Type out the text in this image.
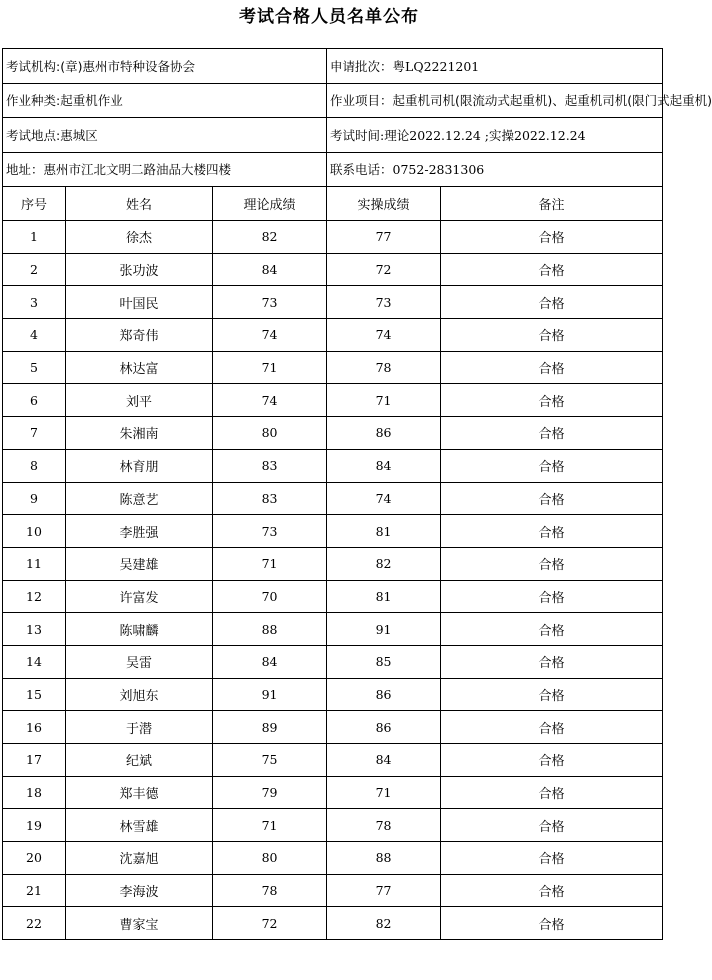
考试合格人员名单公布
考试机构:(章)惠州市特种设备协会			申请批次：粤LQ2221201	
作业种类:起重机作业			作业项目：起重机司机(限流动式起重机)、起重机司机(限门式起重机)	
考试地点:惠城区			考试时间:理论2022.12.24 ;实操2022.12.24	
地址：惠州市江北文明二路油品大楼四楼			联系电话：0752-2831306	
序号	姓名	理论成绩	实操成绩	备注
1	徐杰	82	77	合格
2	张功波	84	72	合格
3	叶国民	73	73	合格
4	郑奇伟	74	74	合格
5	林达富	71	78	合格
6	刘平	74	71	合格
7	朱湘南	80	86	合格
8	林育朋	83	84	合格
9	陈意艺	83	74	合格
10	李胜强	73	81	合格
11	吴建雄	71	82	合格
12	许富发	70	81	合格
13	陈啸麟	88	91	合格
14	吴雷	84	85	合格
15	刘旭东	91	86	合格
16	于潜	89	86	合格
17	纪斌	75	84	合格
18	郑丰德	79	71	合格
19	林雪雄	71	78	合格
20	沈嘉旭	80	88	合格
21	李海波	78	77	合格
22	曹家宝	72	82	合格
